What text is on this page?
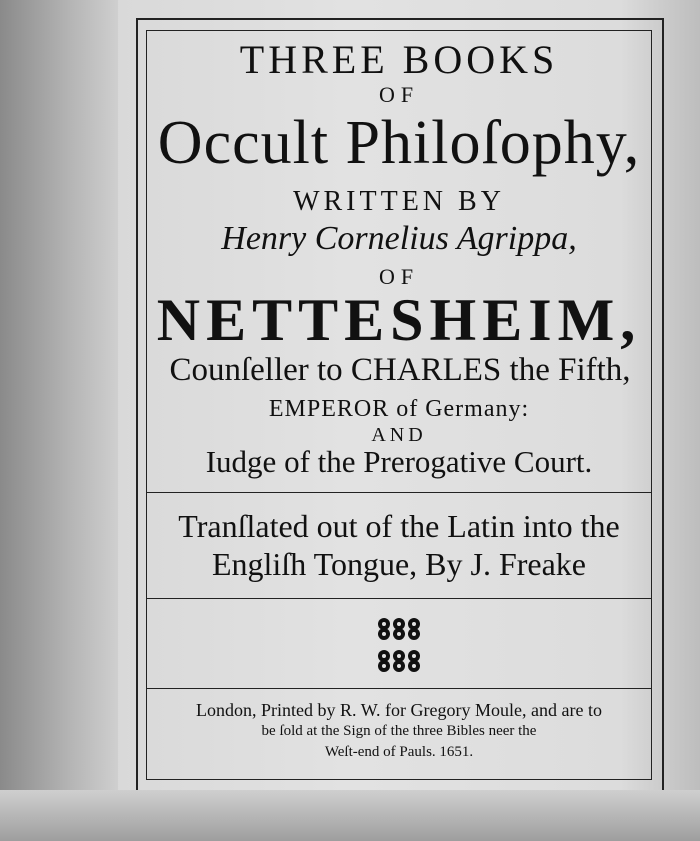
THREE BOOKS
OF
Occult Philoſophy,
WRITTEN BY
Henry Cornelius Agrippa,
OF
NETTESHEIM,
Counſeller to CHARLES the Fifth,
EMPEROR of Germany:
AND
Iudge of the Prerogative Court.
Tranſlated out of the Latin into the
Engliſh Tongue, By J. Freake
London, Printed by R. W. for Gregory Moule, and are to
be ſold at the Sign of the three Bibles neer the
Weſt-end of Pauls. 1651.
